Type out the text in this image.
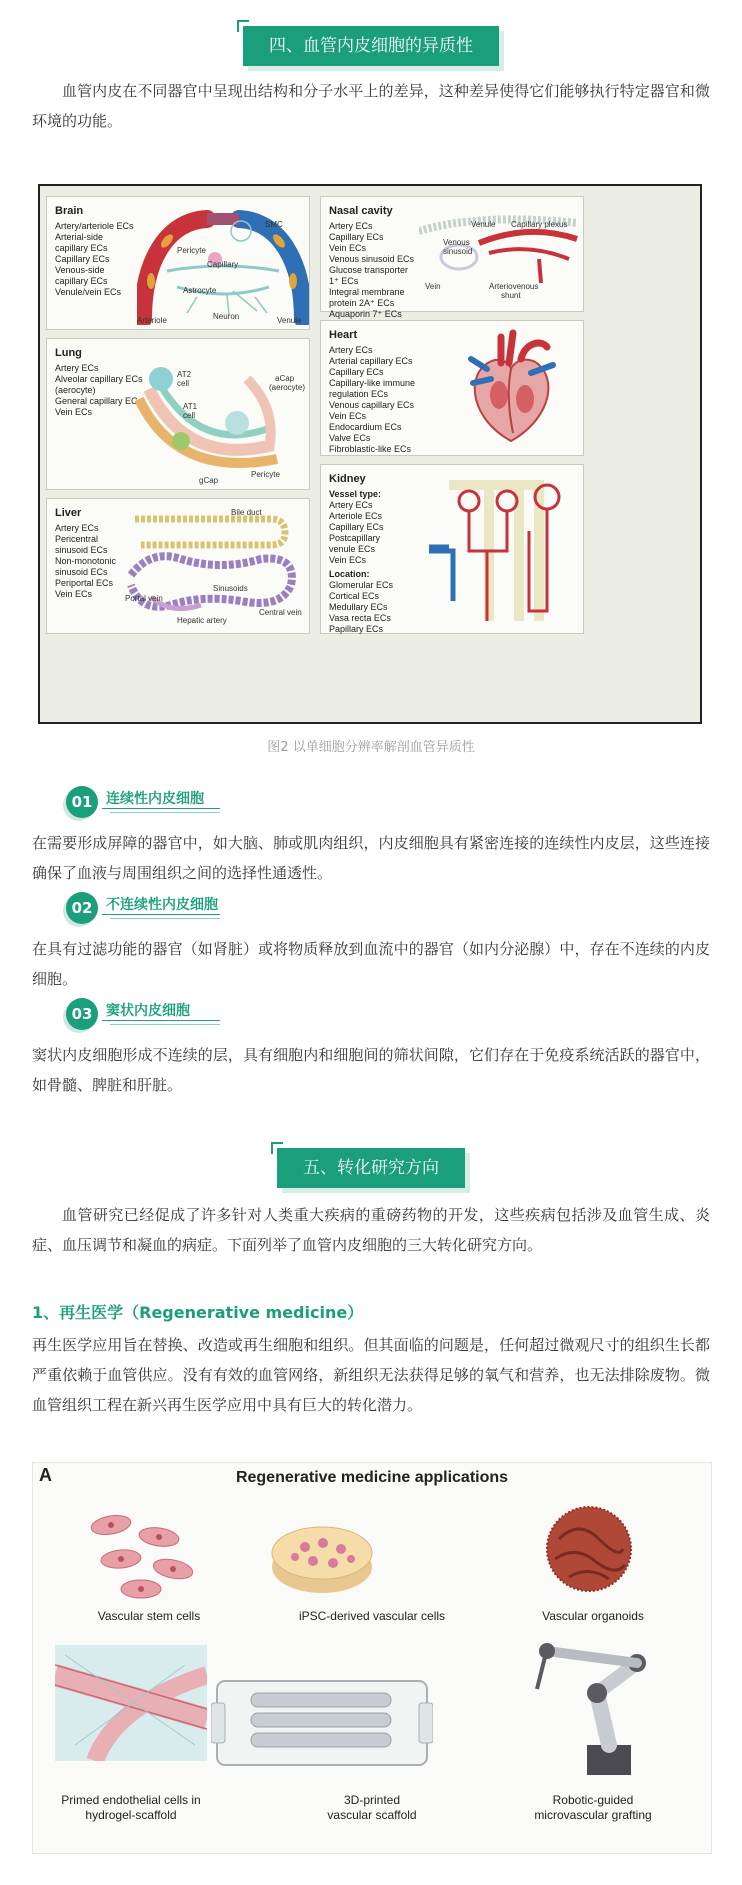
四、血管内皮细胞的异质性
血管内皮在不同器官中呈现出结构和分子水平上的差异，这种差异使得它们能够执行特定器官和微环境的功能。
Brain
Artery/arteriole ECs
Arterial-side
capillary ECs
Capillary ECs
Venous-side
capillary ECs
Venule/vein ECs
SMC
Pericyte
Capillary
Astrocyte
Arteriole	Neuron	Venule
Nasal cavity
Artery ECs
Capillary ECs
Vein ECs
Venous sinusoid ECs
Glucose transporter
1⁺ ECs
Integral membrane
protein 2A⁺ ECs
Aquaporin 7⁺ ECs
Venule Capillary plexus
Venous
sinusoid
Vein	Arteriovenous
shunt
Lung
Artery ECs
Alveolar capillary ECs
(aerocyte)
General capillary ECs
Vein ECs
AT2
cell
AT1
cell
aCap
(aerocyte)
Pericyte
gCap
Heart
Artery ECs
Arterial capillary ECs
Capillary ECs
Capillary-like immune
regulation ECs
Venous capillary ECs
Vein ECs
Endocardium ECs
Valve ECs
Fibroblastic-like ECs
Liver
Artery ECs
Pericentral
sinusoid ECs
Non-monotonic
sinusoid ECs
Periportal ECs
Vein ECs
Bile duct
Portal vein
Sinusoids
Central vein
Hepatic artery
Kidney
Vessel type:
Artery ECs
Arteriole ECs
Capillary ECs
Postcapillary
venule ECs
Vein ECs
Location:
Glomerular ECs
Cortical ECs
Medullary ECs
Vasa recta ECs
Papillary ECs
图2 以单细胞分辨率解剖血管异质性
01 连续性内皮细胞
在需要形成屏障的器官中，如大脑、肺或肌肉组织，内皮细胞具有紧密连接的连续性内皮层，这些连接确保了血液与周围组织之间的选择性通透性。
02 不连续性内皮细胞
在具有过滤功能的器官（如肾脏）或将物质释放到血流中的器官（如内分泌腺）中，存在不连续的内皮细胞。
03 窦状内皮细胞
窦状内皮细胞形成不连续的层，具有细胞内和细胞间的筛状间隙，它们存在于免疫系统活跃的器官中，如骨髓、脾脏和肝脏。
五、转化研究方向
血管研究已经促成了许多针对人类重大疾病的重磅药物的开发，这些疾病包括涉及血管生成、炎症、血压调节和凝血的病症。下面列举了血管内皮细胞的三大转化研究方向。
1、再生医学（Regenerative medicine）
再生医学应用旨在替换、改造或再生细胞和组织。但其面临的问题是，任何超过微观尺寸的组织生长都严重依赖于血管供应。没有有效的血管网络，新组织无法获得足够的氧气和营养，也无法排除废物。微血管组织工程在新兴再生医学应用中具有巨大的转化潜力。
A	Regenerative medicine applications
Vascular stem cells	iPSC-derived vascular cells	Vascular organoids
Primed endothelial cells in
hydrogel-scaffold
3D-printed
vascular scaffold
Robotic-guided
microvascular grafting
